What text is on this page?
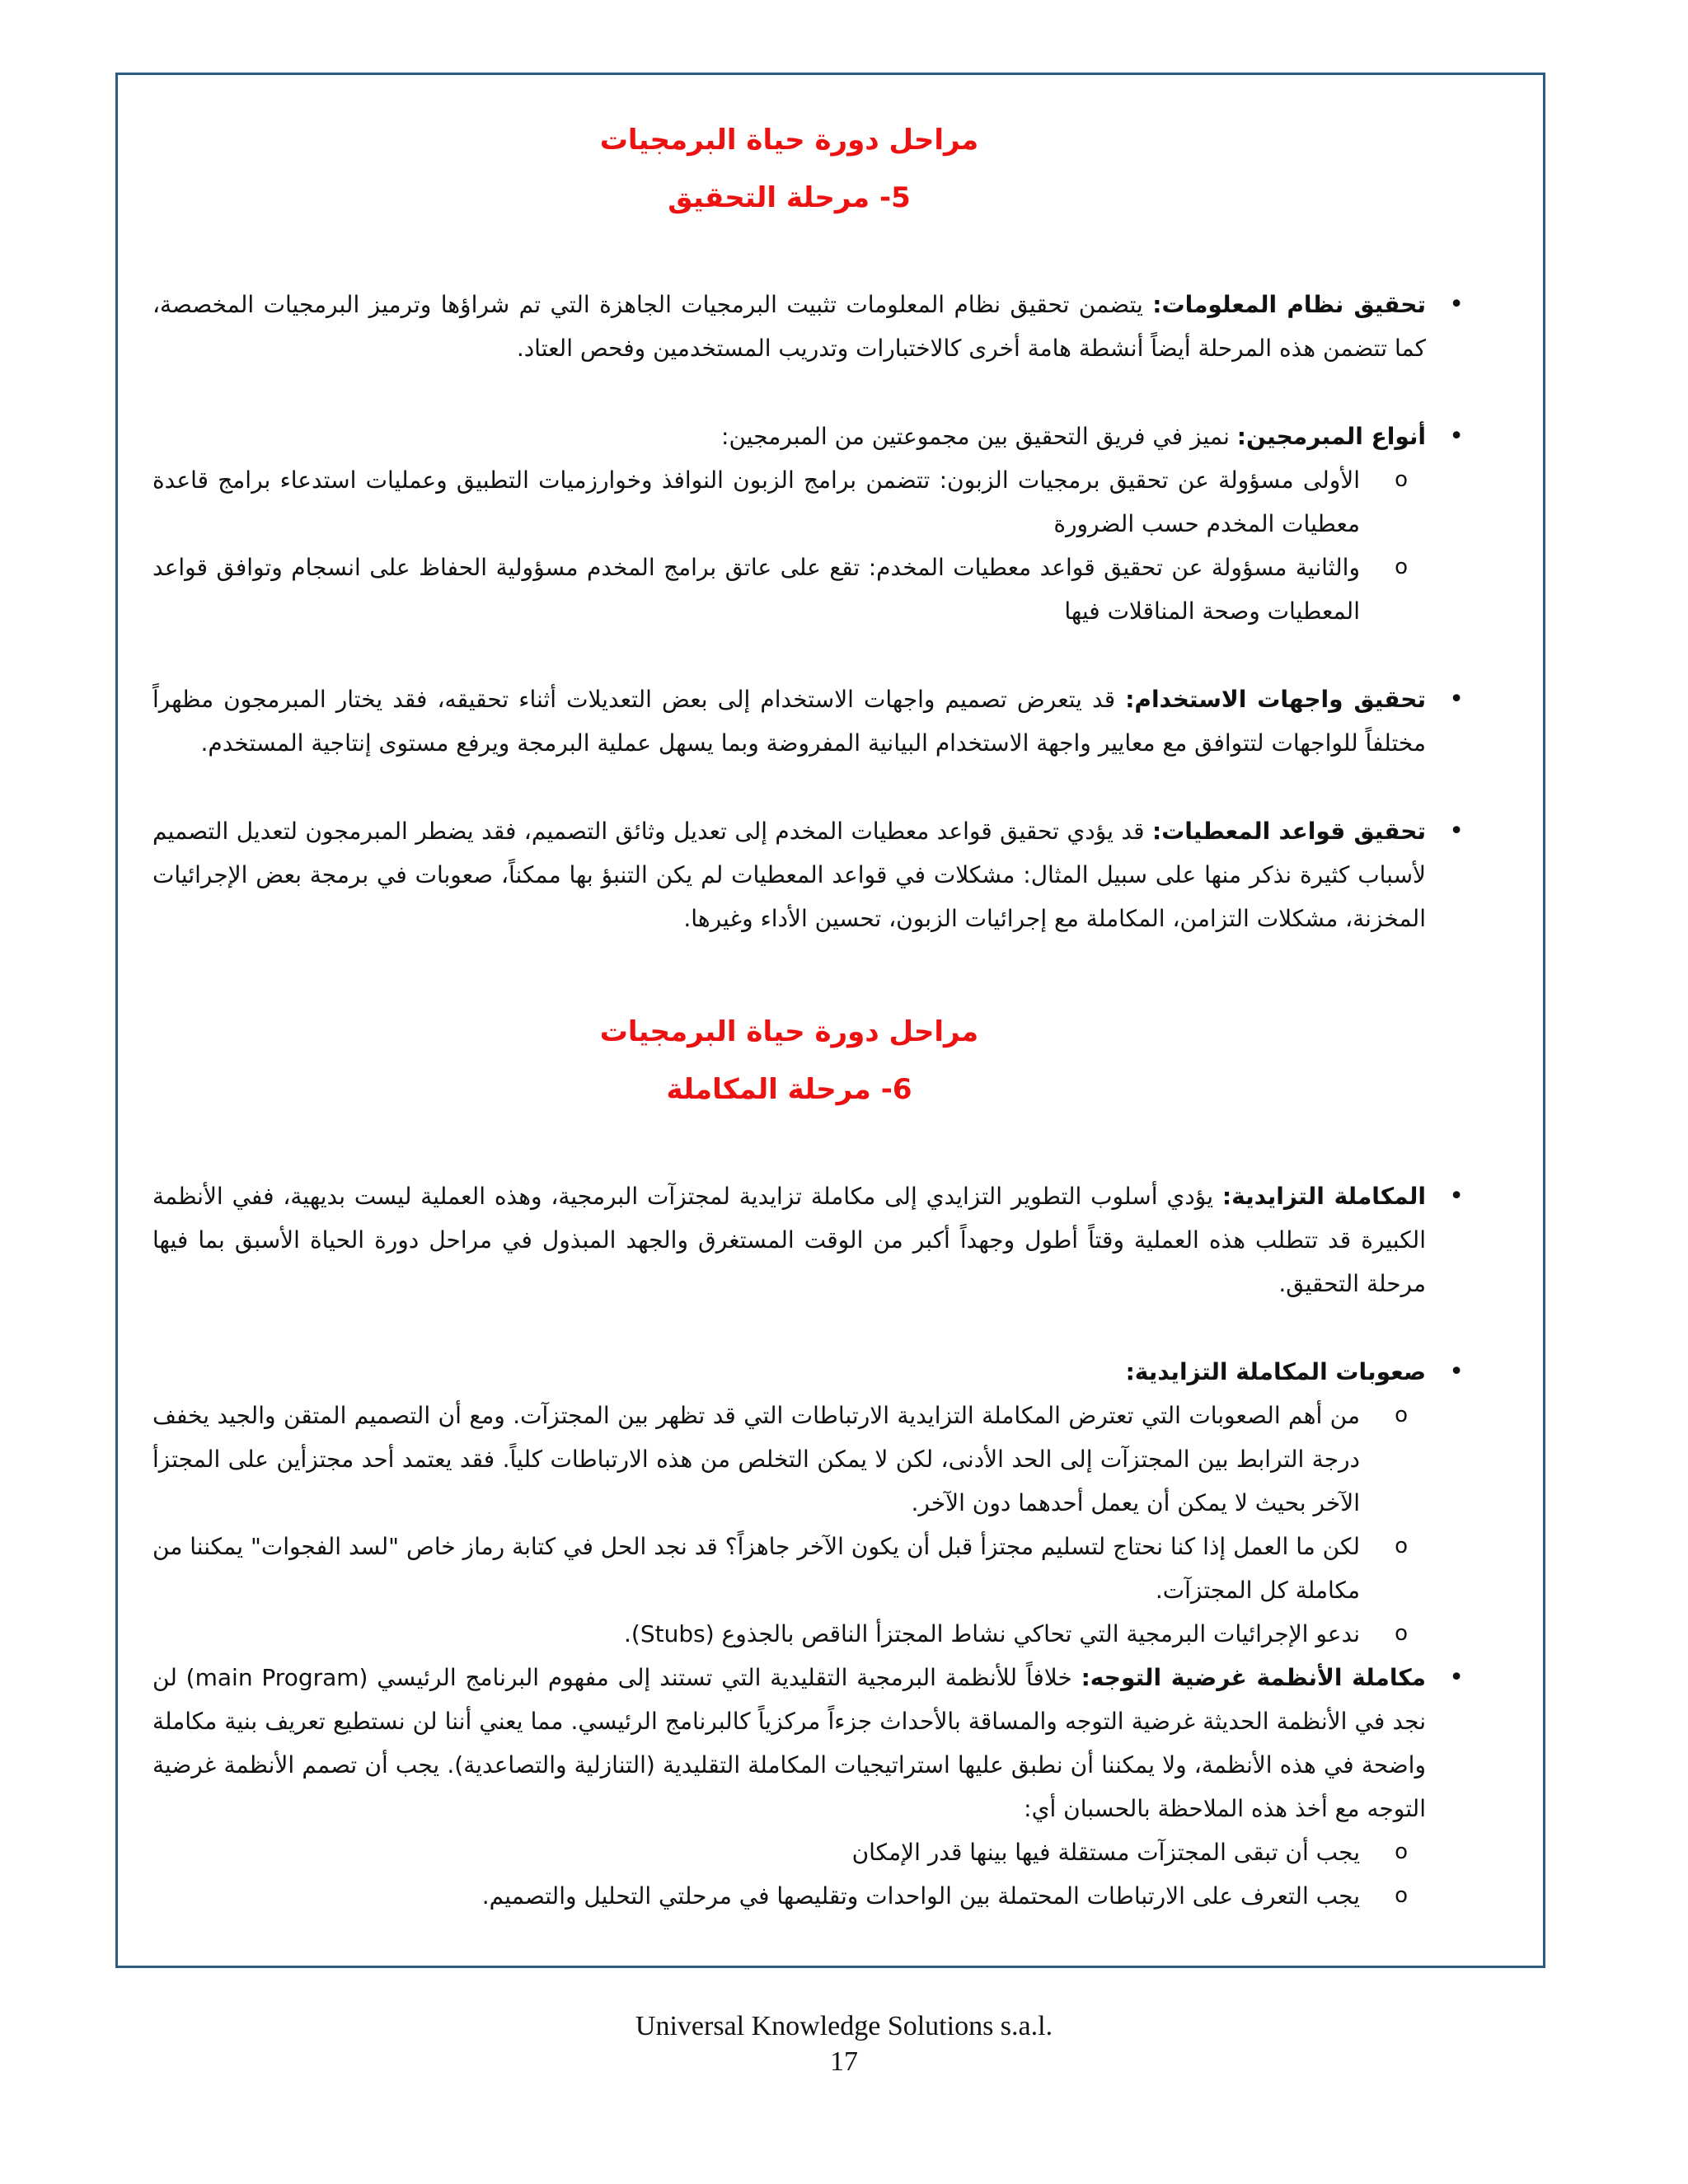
مراحل دورة حياة البرمجيات
5- مرحلة التحقيق
• تحقيق نظام المعلومات: يتضمن تحقيق نظام المعلومات تثبيت البرمجيات الجاهزة التي تم شراؤها وترميز البرمجيات المخصصة، كما تتضمن هذه المرحلة أيضاً أنشطة هامة أخرى كالاختبارات وتدريب المستخدمين وفحص العتاد.
• أنواع المبرمجين: نميز في فريق التحقيق بين مجموعتين من المبرمجين:
o الأولى مسؤولة عن تحقيق برمجيات الزبون: تتضمن برامج الزبون النوافذ وخوارزميات التطبيق وعمليات استدعاء برامج قاعدة معطيات المخدم حسب الضرورة
o والثانية مسؤولة عن تحقيق قواعد معطيات المخدم: تقع على عاتق برامج المخدم مسؤولية الحفاظ على انسجام وتوافق قواعد المعطيات وصحة المناقلات فيها
• تحقيق واجهات الاستخدام: قد يتعرض تصميم واجهات الاستخدام إلى بعض التعديلات أثناء تحقيقه، فقد يختار المبرمجون مظهراً مختلفاً للواجهات لتتوافق مع معايير واجهة الاستخدام البيانية المفروضة وبما يسهل عملية البرمجة ويرفع مستوى إنتاجية المستخدم.
• تحقيق قواعد المعطيات: قد يؤدي تحقيق قواعد معطيات المخدم إلى تعديل وثائق التصميم، فقد يضطر المبرمجون لتعديل التصميم لأسباب كثيرة نذكر منها على سبيل المثال: مشكلات في قواعد المعطيات لم يكن التنبؤ بها ممكناً، صعوبات في برمجة بعض الإجرائيات المخزنة، مشكلات التزامن، المكاملة مع إجرائيات الزبون، تحسين الأداء وغيرها.
مراحل دورة حياة البرمجيات
6- مرحلة المكاملة
• المكاملة التزايدية: يؤدي أسلوب التطوير التزايدي إلى مكاملة تزايدية لمجتزآت البرمجية، وهذه العملية ليست بديهية، ففي الأنظمة الكبيرة قد تتطلب هذه العملية وقتاً أطول وجهداً أكبر من الوقت المستغرق والجهد المبذول في مراحل دورة الحياة الأسبق بما فيها مرحلة التحقيق.
• صعوبات المكاملة التزايدية:
o من أهم الصعوبات التي تعترض المكاملة التزايدية الارتباطات التي قد تظهر بين المجتزآت. ومع أن التصميم المتقن والجيد يخفف درجة الترابط بين المجتزآت إلى الحد الأدنى، لكن لا يمكن التخلص من هذه الارتباطات كلياً. فقد يعتمد أحد مجتزأين على المجتزأ الآخر بحيث لا يمكن أن يعمل أحدهما دون الآخر.
o لكن ما العمل إذا كنا نحتاج لتسليم مجتزأ قبل أن يكون الآخر جاهزاً؟ قد نجد الحل في كتابة رماز خاص "لسد الفجوات" يمكننا من مكاملة كل المجتزآت.
o ندعو الإجرائيات البرمجية التي تحاكي نشاط المجتزأ الناقص بالجذوع (Stubs).
• مكاملة الأنظمة غرضية التوجه: خلافاً للأنظمة البرمجية التقليدية التي تستند إلى مفهوم البرنامج الرئيسي (main Program) لن نجد في الأنظمة الحديثة غرضية التوجه والمساقة بالأحداث جزءاً مركزياً كالبرنامج الرئيسي. مما يعني أننا لن نستطيع تعريف بنية مكاملة واضحة في هذه الأنظمة، ولا يمكننا أن نطبق عليها استراتيجيات المكاملة التقليدية (التنازلية والتصاعدية). يجب أن تصمم الأنظمة غرضية التوجه مع أخذ هذه الملاحظة بالحسبان أي:
o يجب أن تبقى المجتزآت مستقلة فيها بينها قدر الإمكان
o يجب التعرف على الارتباطات المحتملة بين الواحدات وتقليصها في مرحلتي التحليل والتصميم.
Universal Knowledge Solutions s.a.l.
17
